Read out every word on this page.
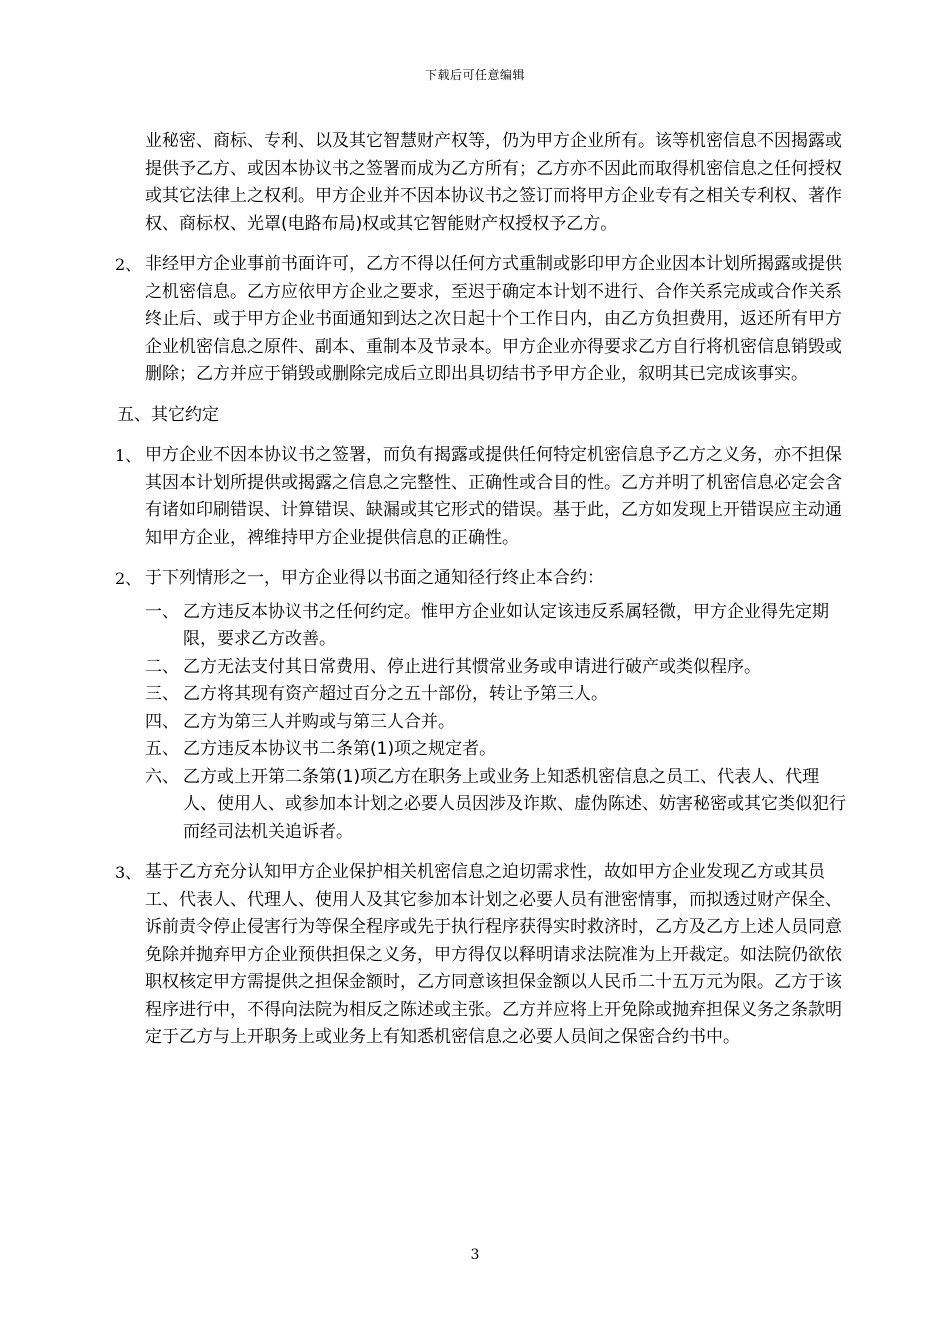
下载后可任意编辑
业秘密、商标、专利、以及其它智慧财产权等，仍为甲方企业所有。该等机密信息不因揭露或提供予乙方、或因本协议书之签署而成为乙方所有；乙方亦不因此而取得机密信息之任何授权或其它法律上之权利。甲方企业并不因本协议书之签订而将甲方企业专有之相关专利权、著作权、商标权、光罩(电路布局)权或其它智能财产权授权予乙方。
2、 非经甲方企业事前书面许可，乙方不得以任何方式重制或影印甲方企业因本计划所揭露或提供之机密信息。乙方应依甲方企业之要求，至迟于确定本计划不进行、合作关系完成或合作关系终止后、或于甲方企业书面通知到达之次日起十个工作日内，由乙方负担费用，返还所有甲方企业机密信息之原件、副本、重制本及节录本。甲方企业亦得要求乙方自行将机密信息销毁或删除；乙方并应于销毁或删除完成后立即出具切结书予甲方企业，叙明其已完成该事实。
五、其它约定
1、 甲方企业不因本协议书之签署，而负有揭露或提供任何特定机密信息予乙方之义务，亦不担保其因本计划所提供或揭露之信息之完整性、正确性或合目的性。乙方并明了机密信息必定会含有诸如印刷错误、计算错误、缺漏或其它形式的错误。基于此，乙方如发现上开错误应主动通知甲方企业，裨维持甲方企业提供信息的正确性。
2、 于下列情形之一，甲方企业得以书面之通知径行终止本合约：
一、 乙方违反本协议书之任何约定。惟甲方企业如认定该违反系属轻微，甲方企业得先定期限，要求乙方改善。
二、 乙方无法支付其日常费用、停止进行其惯常业务或申请进行破产或类似程序。
三、 乙方将其现有资产超过百分之五十部份，转让予第三人。
四、 乙方为第三人并购或与第三人合并。
五、 乙方违反本协议书二条第(1)项之规定者。
六、 乙方或上开第二条第(1)项乙方在职务上或业务上知悉机密信息之员工、代表人、代理人、使用人、或参加本计划之必要人员因涉及诈欺、虚伪陈述、妨害秘密或其它类似犯行而经司法机关追诉者。
3、 基于乙方充分认知甲方企业保护相关机密信息之迫切需求性，故如甲方企业发现乙方或其员工、代表人、代理人、使用人及其它参加本计划之必要人员有泄密情事，而拟透过财产保全、诉前责令停止侵害行为等保全程序或先于执行程序获得实时救济时，乙方及乙方上述人员同意免除并抛弃甲方企业预供担保之义务，甲方得仅以释明请求法院准为上开裁定。如法院仍欲依职权核定甲方需提供之担保金额时，乙方同意该担保金额以人民币二十五万元为限。乙方于该程序进行中，不得向法院为相反之陈述或主张。乙方并应将上开免除或抛弃担保义务之条款明定于乙方与上开职务上或业务上有知悉机密信息之必要人员间之保密合约书中。
3
